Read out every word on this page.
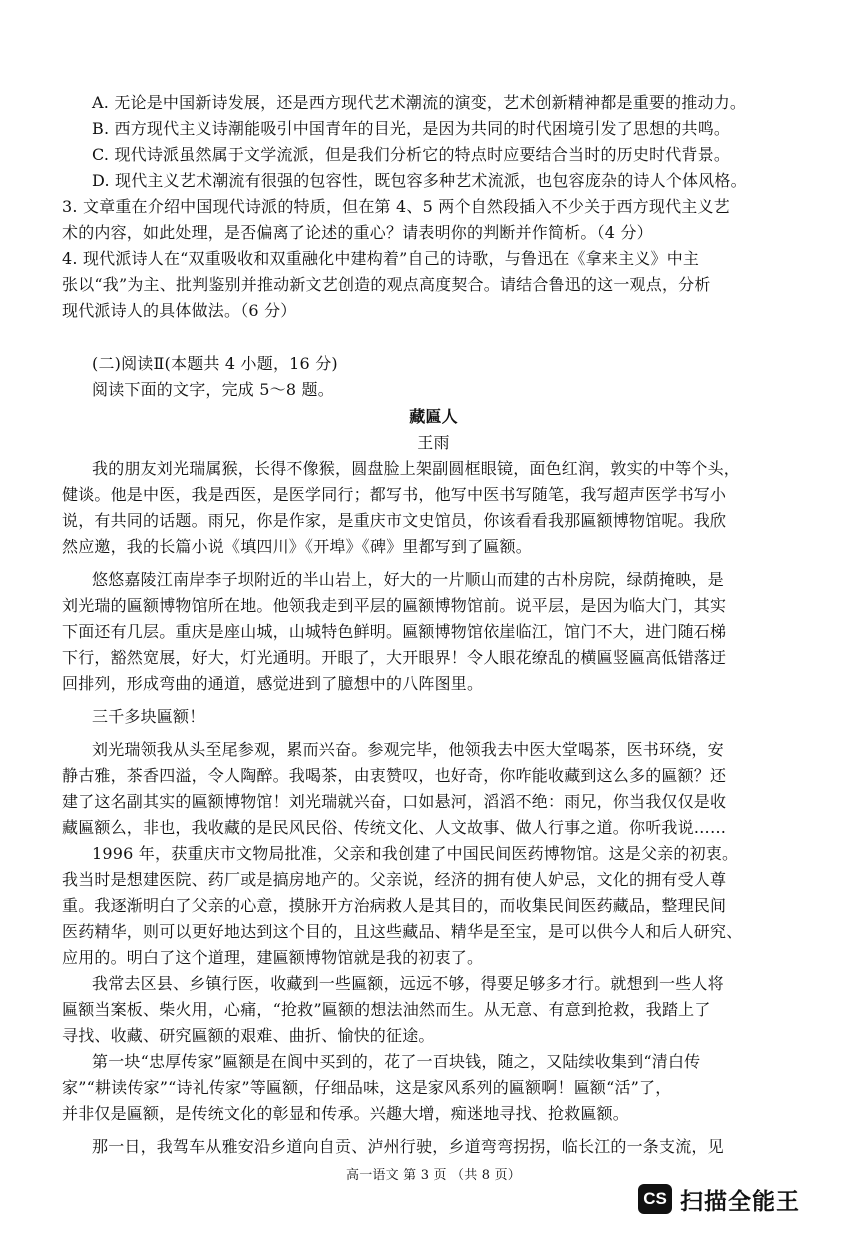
A. 无论是中国新诗发展，还是西方现代艺术潮流的演变，艺术创新精神都是重要的推动力。
B. 西方现代主义诗潮能吸引中国青年的目光，是因为共同的时代困境引发了思想的共鸣。
C. 现代诗派虽然属于文学流派，但是我们分析它的特点时应要结合当时的历史时代背景。
D. 现代主义艺术潮流有很强的包容性，既包容多种艺术流派，也包容庞杂的诗人个体风格。
3. 文章重在介绍中国现代诗派的特质，但在第 4、5 两个自然段插入不少关于西方现代主义艺
术的内容，如此处理，是否偏离了论述的重心？请表明你的判断并作简析。（4 分）
4. 现代派诗人在“双重吸收和双重融化中建构着”自己的诗歌，与鲁迅在《拿来主义》中主
张以“我”为主、批判鉴别并推动新文艺创造的观点高度契合。请结合鲁迅的这一观点，分析
现代派诗人的具体做法。（6 分）
(二)阅读Ⅱ(本题共 4 小题，16 分)
阅读下面的文字，完成 5～8 题。
藏匾人
王雨
我的朋友刘光瑞属猴，长得不像猴，圆盘脸上架副圆框眼镜，面色红润，敦实的中等个头，
健谈。他是中医，我是西医，是医学同行；都写书，他写中医书写随笔，我写超声医学书写小
说，有共同的话题。雨兄，你是作家，是重庆市文史馆员，你该看看我那匾额博物馆呢。我欣
然应邀，我的长篇小说《填四川》《开埠》《碑》里都写到了匾额。
悠悠嘉陵江南岸李子坝附近的半山岩上，好大的一片顺山而建的古朴房院，绿荫掩映，是
刘光瑞的匾额博物馆所在地。他领我走到平层的匾额博物馆前。说平层，是因为临大门，其实
下面还有几层。重庆是座山城，山城特色鲜明。匾额博物馆依崖临江，馆门不大，进门随石梯
下行，豁然宽展，好大，灯光通明。开眼了，大开眼界！令人眼花缭乱的横匾竖匾高低错落迂
回排列，形成弯曲的通道，感觉进到了臆想中的八阵图里。
三千多块匾额！
刘光瑞领我从头至尾参观，累而兴奋。参观完毕，他领我去中医大堂喝茶，医书环绕，安
静古雅，茶香四溢，令人陶醉。我喝茶，由衷赞叹，也好奇，你咋能收藏到这么多的匾额？还
建了这名副其实的匾额博物馆！刘光瑞就兴奋，口如悬河，滔滔不绝：雨兄，你当我仅仅是收
藏匾额么，非也，我收藏的是民风民俗、传统文化、人文故事、做人行事之道。你听我说……
1996 年，获重庆市文物局批准，父亲和我创建了中国民间医药博物馆。这是父亲的初衷。
我当时是想建医院、药厂或是搞房地产的。父亲说，经济的拥有使人妒忌，文化的拥有受人尊
重。我逐渐明白了父亲的心意，摸脉开方治病救人是其目的，而收集民间医药藏品，整理民间
医药精华，则可以更好地达到这个目的，且这些藏品、精华是至宝，是可以供今人和后人研究、
应用的。明白了这个道理，建匾额博物馆就是我的初衷了。
我常去区县、乡镇行医，收藏到一些匾额，远远不够，得要足够多才行。就想到一些人将
匾额当案板、柴火用，心痛，“抢救”匾额的想法油然而生。从无意、有意到抢救，我踏上了
寻找、收藏、研究匾额的艰难、曲折、愉快的征途。
第一块“忠厚传家”匾额是在阆中买到的，花了一百块钱，随之，又陆续收集到“清白传
家”“耕读传家”“诗礼传家”等匾额，仔细品味，这是家风系列的匾额啊！匾额“活”了，
并非仅是匾额，是传统文化的彰显和传承。兴趣大增，痴迷地寻找、抢救匾额。
那一日，我驾车从雅安沿乡道向自贡、泸州行驶，乡道弯弯拐拐，临长江的一条支流，见
高一语文 第 3 页 （共 8 页）
CS 扫描全能王
